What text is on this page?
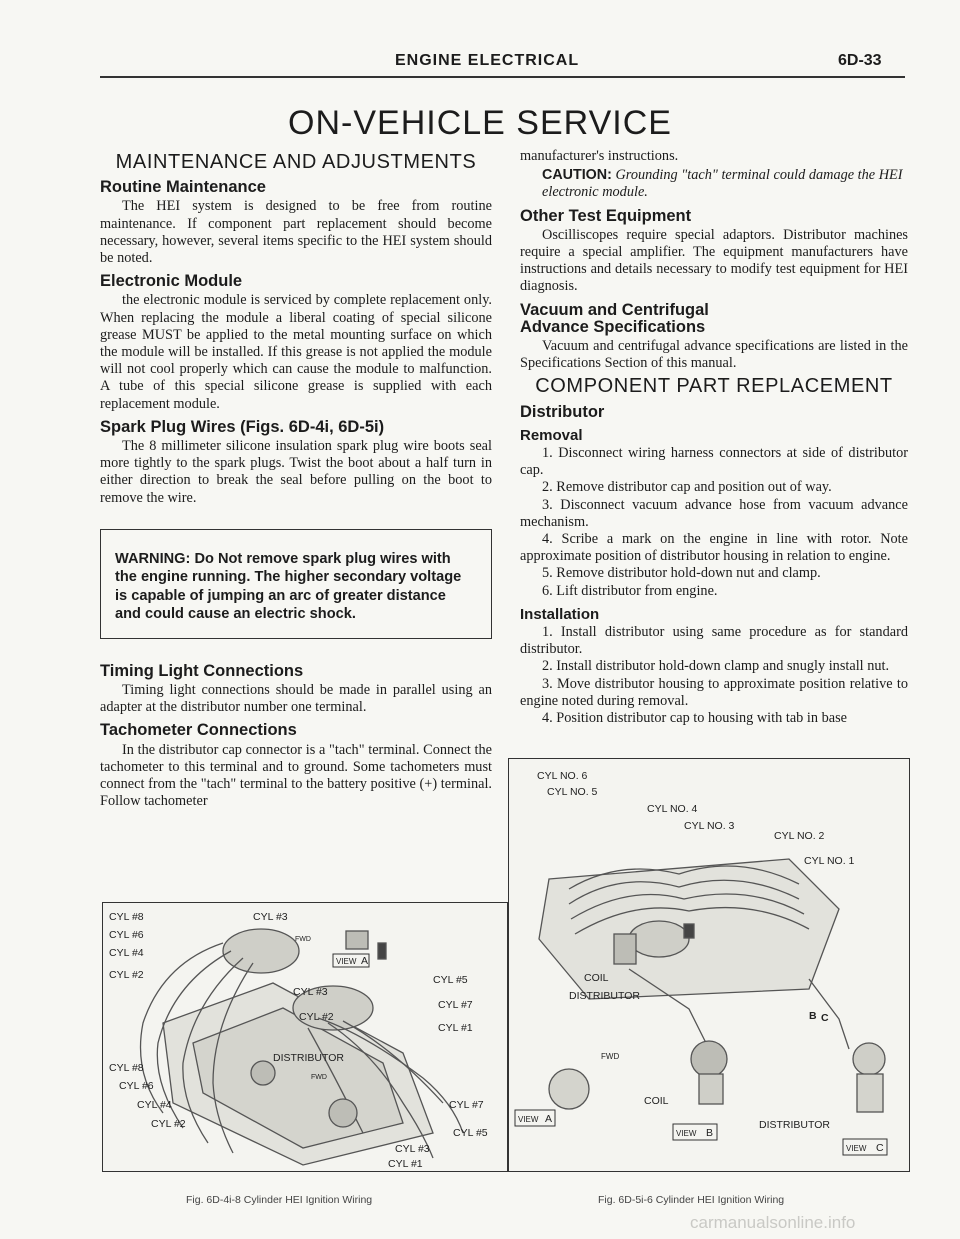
ENGINE ELECTRICAL	6D-33
ON-VEHICLE SERVICE
MAINTENANCE AND ADJUSTMENTS
Routine Maintenance

The HEI system is designed to be free from routine maintenance. If component part replacement should become necessary, however, several items specific to the HEI system should be noted.

Electronic Module

the electronic module is serviced by complete replacement only. When replacing the module a liberal coating of special silicone grease MUST be applied to the metal mounting surface on which the module will be installed. If this grease is not applied the module will not cool properly which can cause the module to malfunction. A tube of this special silicone grease is supplied with each replacement module.

Spark Plug Wires (Figs. 6D-4i, 6D-5i)

The 8 millimeter silicone insulation spark plug wire boots seal more tightly to the spark plugs. Twist the boot about a half turn in either direction to break the seal before pulling on the boot to remove the wire.

WARNING: Do Not remove spark plug wires with the engine running. The higher secondary voltage is capable of jumping an arc of greater distance and could cause an electric shock.
Timing Light Connections

Timing light connections should be made in parallel using an adapter at the distributor number one terminal.

Tachometer Connections

In the distributor cap connector is a "tach" terminal. Connect the tachometer to this terminal and to ground. Some tachometers must connect from the "tach" terminal to the battery positive (+) terminal. Follow tachometer

manufacturer's instructions.

CAUTION: Grounding "tach" terminal could damage the HEI electronic module.
Other Test Equipment

Oscilliscopes require special adaptors. Distributor machines require a special amplifier. The equipment manufacturers have instructions and details necessary to modify test equipment for HEI diagnosis.

Vacuum and Centrifugal
Advance Specifications

Vacuum and centrifugal advance specifications are listed in the Specifications Section of this manual.

COMPONENT PART REPLACEMENT
Distributor
Removal

1. Disconnect wiring harness connectors at side of distributor cap.

2. Remove distributor cap and position out of way.

3. Disconnect vacuum advance hose from vacuum advance mechanism.

4. Scribe a mark on the engine in line with rotor. Note approximate position of distributor housing in relation to engine.

5. Remove distributor hold-down nut and clamp.

6. Lift distributor from engine.

Installation

1. Install distributor using same procedure as for standard distributor.

2. Install distributor hold-down clamp and snugly install nut.

3. Move distributor housing to approximate position relative to engine noted during removal.

4. Position distributor cap to housing with tab in base

CYL #8
CYL #6
CYL #4
CYL #2
CYL #3
FWD
VIEW A
CYL #3
CYL #5
CYL #7
CYL #2
CYL #1
DISTRIBUTOR
FWD
CYL #8
CYL #6
CYL #4
CYL #2
CYL #7
CYL #5
CYL #3
CYL #1
Fig. 6D-4i-8 Cylinder HEI Ignition Wiring
CYL NO. 6
CYL NO. 5
CYL NO. 4
CYL NO. 3
CYL NO. 2
CYL NO. 1
COIL
DISTRIBUTOR
FWD
COIL
DISTRIBUTOR
VIEW A
VIEW B
VIEW C
B C
Fig. 6D-5i-6 Cylinder HEI Ignition Wiring
carmanualsonline.info
